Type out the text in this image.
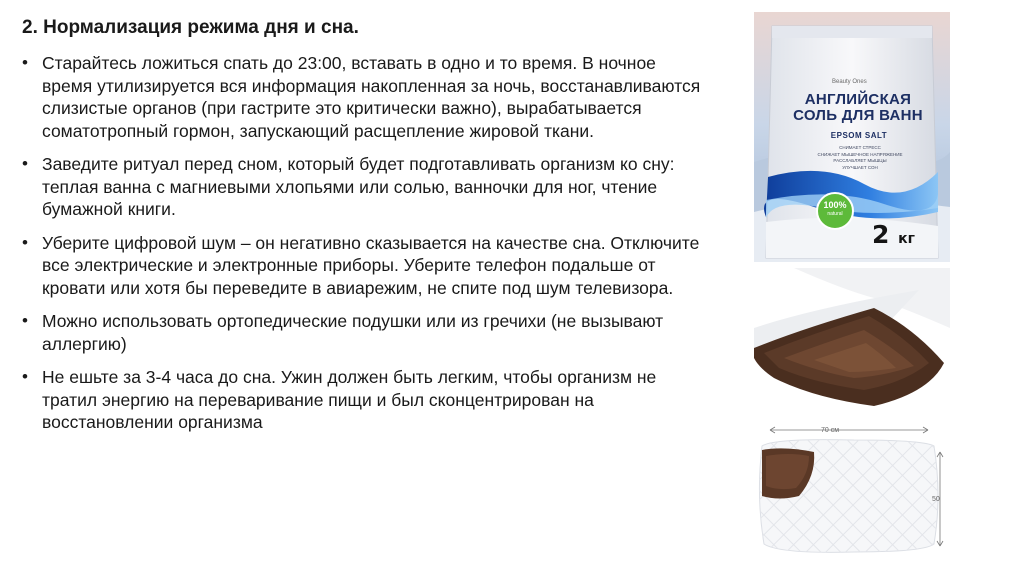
2. Нормализация режима дня и сна.
• Старайтесь ложиться спать до 23:00, вставать в одно и то время. В ночное время утилизируется вся информация накопленная за ночь, восстанавливаются слизистые органов (при гастрите это критически важно), вырабатывается соматотропный гормон, запускающий расщепление жировой ткани.
• Заведите ритуал перед сном, который будет подготавливать организм ко сну: теплая ванна с магниевыми хлопьями или солью, ванночки для ног, чтение бумажной книги.
• Уберите цифровой шум – он негативно сказывается на качестве сна. Отключите все электрические и электронные приборы. Уберите телефон подальше от кровати или хотя бы переведите в авиарежим, не спите под шум телевизора.
• Можно использовать ортопедические подушки или из гречихи (не вызывают аллергию)
• Не ешьте за 3-4 часа до сна. Ужин должен быть легким, чтобы организм не тратил энергию на переваривание пищи и был сконцентрирован на восстановлении организма
Beauty Ones
АНГЛИЙСКАЯ СОЛЬ ДЛЯ ВАНН
EPSOM SALT
СНИМАЕТ СТРЕСС
СНИЖАЕТ МЫШЕЧНОЕ НАПРЯЖЕНИЕ
РАССЛАБЛЯЕТ МЫШЦЫ
УЛУЧШАЕТ СОН
100%
natural
2 кг
70 см
50
